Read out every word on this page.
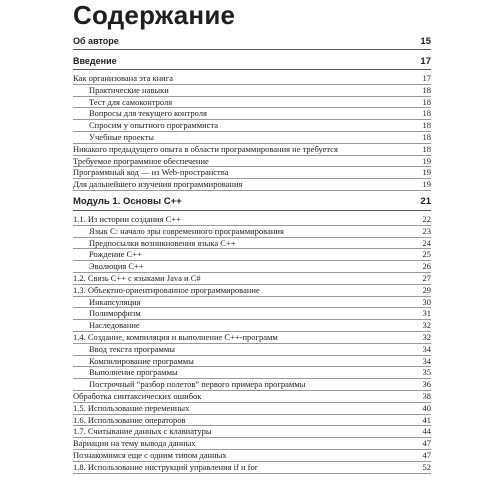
Содержание
Об авторе	15
Введение	17
Как организована эта книга	17
Практические навыки	18
Тест для самоконтроля	18
Вопросы для текущего контроля	18
Спросим у опытного программиста	18
Учебные проекты	18
Никакого предыдущего опыта в области программирования не требуется	18
Требуемое программное обеспечение	19
Программный код — из Web-пространства	19
Для дальнейшего изучения программирования	19
Модуль 1. Основы C++	21
1.1. Из истории создания C++	22
Язык C: начало эры современного программирования	23
Предпосылки возникновения языка C++	24
Рождение C++	25
Эволюция C++	26
1.2. Связь C++ с языками Java и C#	27
1.3. Объектно-ориентированное программирование	29
Инкапсуляция	30
Полиморфизм	31
Наследование	32
1.4. Создание, компиляция и выполнение C++-программ	32
Ввод текста программы	34
Компилирование программы	34
Выполнение программы	35
Построчный “разбор полетов” первого примера программы	36
Обработка синтаксических ошибок	38
1.5. Использование переменных	40
1.6. Использование операторов	41
1.7. Считывание данных с клавиатуры	44
Вариации на тему вывода данных	47
Познакомимся еще с одним типом данных	47
1.8. Использование инструкций управления if и for	52
